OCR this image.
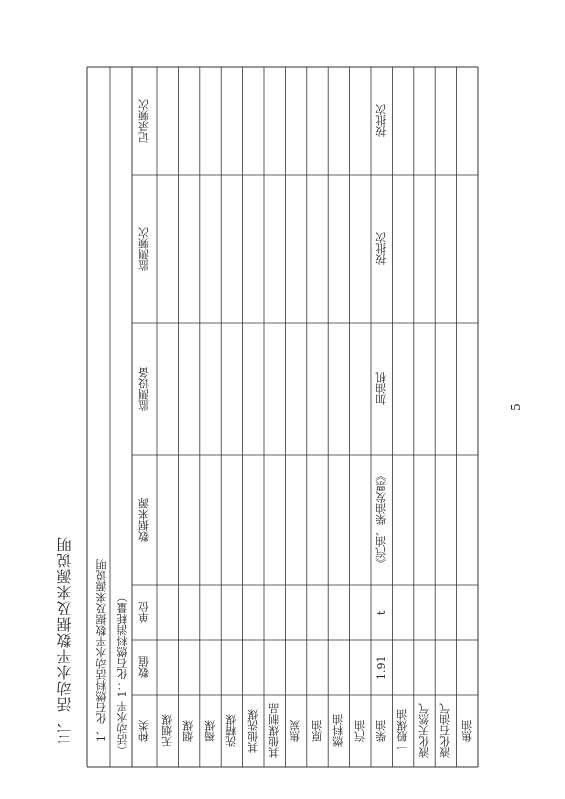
三、活动水平数据及来源说明 1、化石燃料活动水平数据及来源说明 （活动水平 1：化石燃料消耗量） 种类
数值
单位
数据来源
监测设备
监测频次
记录频次
无烟煤 烟煤 褐煤 洗精煤 其他洗煤 其他煤制品 焦炭 原油 燃料油 汽油 柴油
1.91
t
《汽油、柴油发票》
加油机
按批次
按批次
一般煤油 液化天然气 液化石油气 焦油
5
